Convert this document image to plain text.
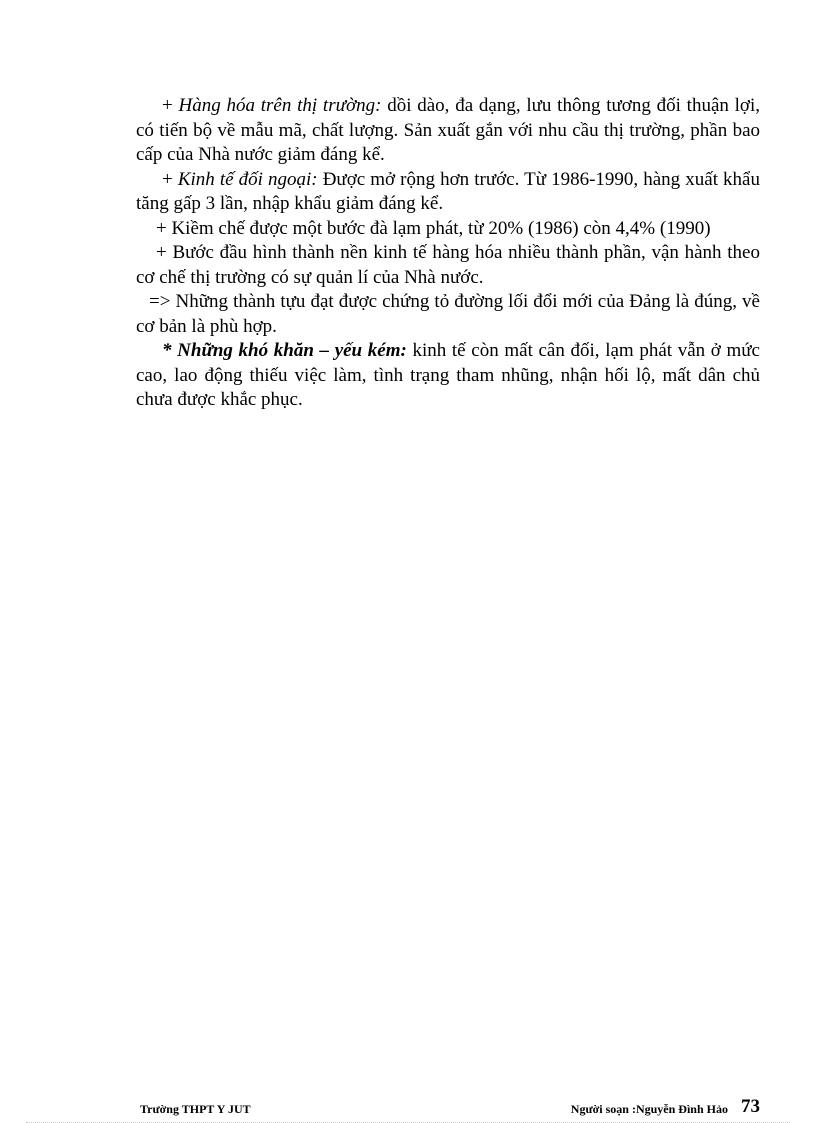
+ Hàng hóa trên thị trường: dồi dào, đa dạng, lưu thông tương đối thuận lợi, có tiến bộ về mẫu mã, chất lượng. Sản xuất gắn với nhu cầu thị trường, phần bao cấp của Nhà nước giảm đáng kể.

+ Kinh tế đối ngoại: Được mở rộng hơn trước. Từ 1986-1990, hàng xuất khẩu tăng gấp 3 lần, nhập khẩu giảm đáng kể.

+ Kiềm chế được một bước đà lạm phát, từ 20% (1986) còn 4,4% (1990)

+ Bước đầu hình thành nền kinh tế hàng hóa nhiều thành phần, vận hành theo cơ chế thị trường có sự quản lí của Nhà nước.

=> Những thành tựu đạt được chứng tỏ đường lối đổi mới của Đảng là đúng, về cơ bản là phù hợp.

* Những khó khăn – yếu kém: kinh tế còn mất cân đối, lạm phát vẫn ở mức cao, lao động thiếu việc làm, tình trạng tham nhũng, nhận hối lộ, mất dân chủ chưa được khắc phục.

Trường THPT Y JUT	Người soạn :Nguyễn Đình Hảo 73
